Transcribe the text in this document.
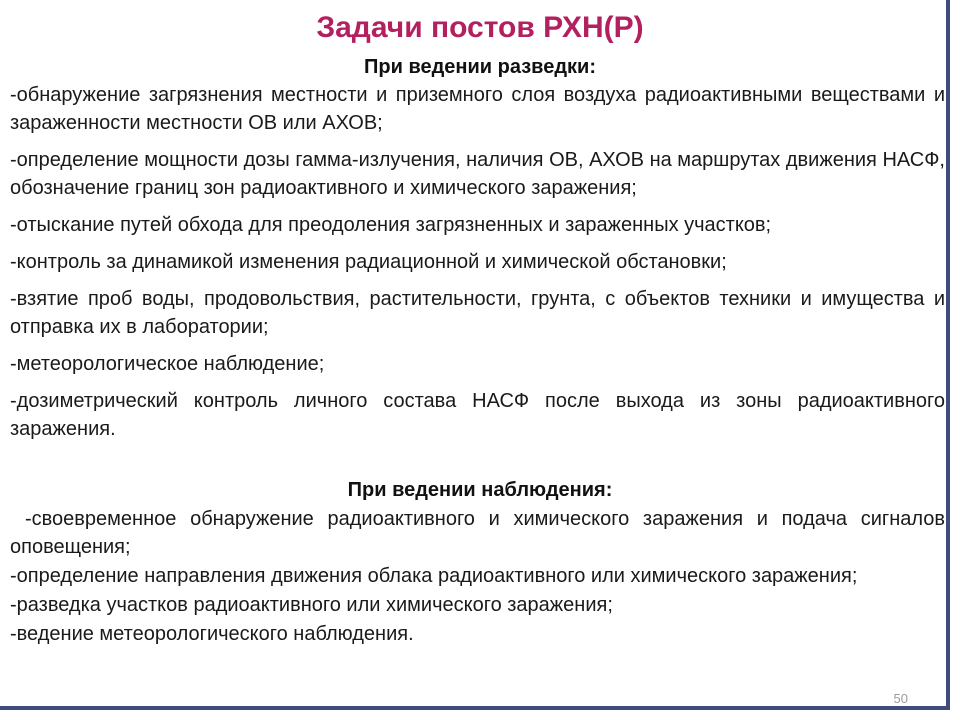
Задачи постов РХН(Р)
При ведении разведки:
-обнаружение загрязнения местности и приземного слоя воздуха радиоактивными веществами и зараженности местности ОВ или АХОВ;
-определение мощности дозы гамма-излучения, наличия ОВ, АХОВ на маршрутах движения НАСФ, обозначение границ зон радиоактивного и химического заражения;
-отыскание путей обхода для преодоления загрязненных и зараженных участков;
-контроль за динамикой изменения радиационной и химической обстановки;
-взятие проб воды, продовольствия, растительности, грунта, с объектов техники и имущества и отправка их в лаборатории;
-метеорологическое наблюдение;
-дозиметрический контроль личного состава НАСФ после выхода из зоны радиоактивного заражения.
При ведении наблюдения:
-своевременное обнаружение радиоактивного и химического заражения и подача сигналов оповещения;
-определение направления движения облака радиоактивного или химического заражения;
-разведка участков радиоактивного или химического заражения;
-ведение метеорологического наблюдения.
50
